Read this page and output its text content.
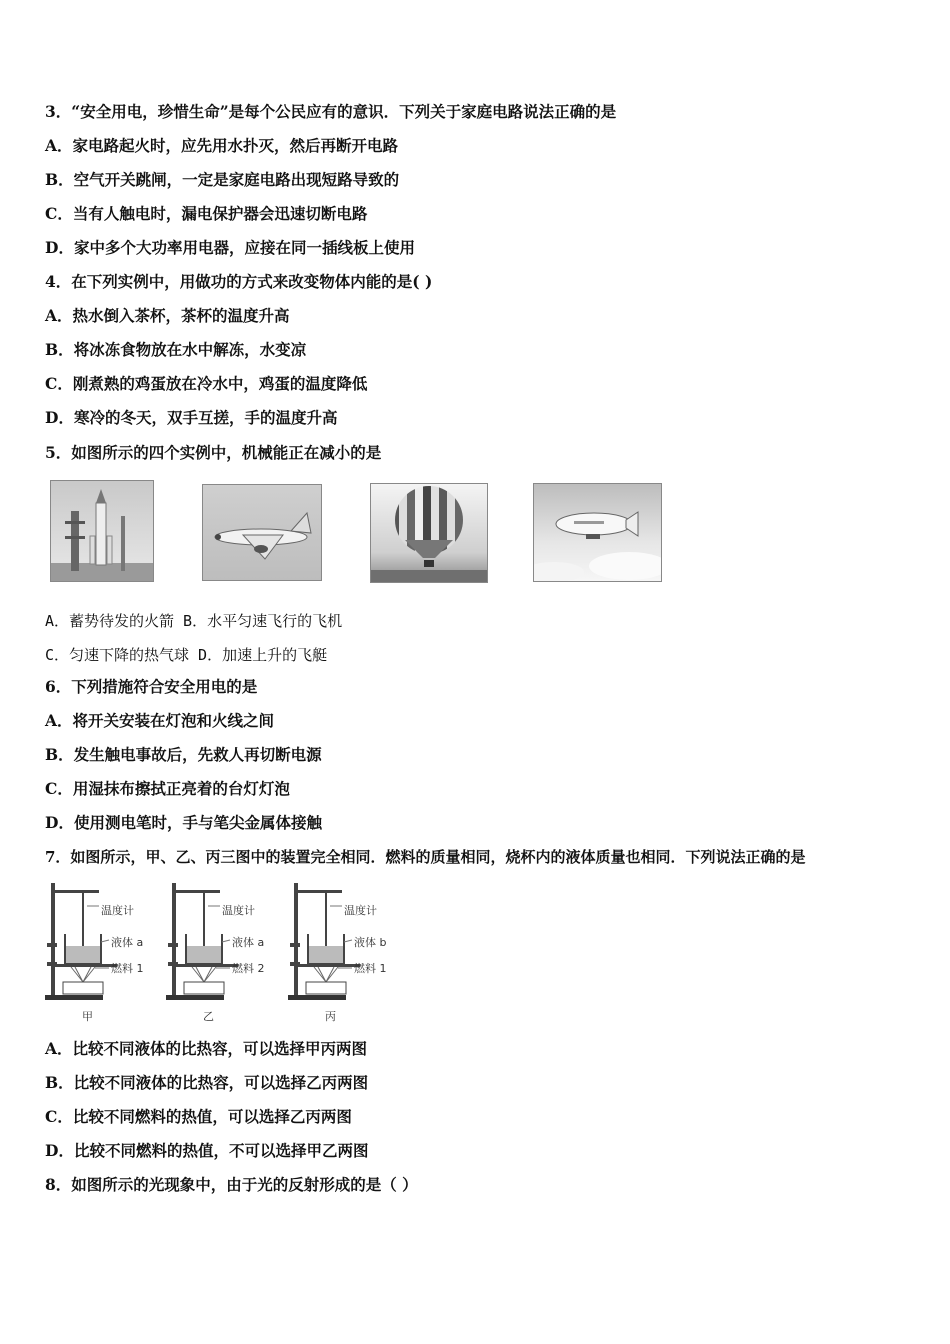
3．“安全用电，珍惜生命”是每个公民应有的意识．下列关于家庭电路说法正确的是
A．家电路起火时，应先用水扑灭，然后再断开电路
B．空气开关跳闸，一定是家庭电路出现短路导致的
C．当有人触电时，漏电保护器会迅速切断电路
D．家中多个大功率用电器，应接在同一插线板上使用
4．在下列实例中，用做功的方式来改变物体内能的是( )
A．热水倒入茶杯，茶杯的温度升高
B．将冰冻食物放在水中解冻，水变凉
C．刚煮熟的鸡蛋放在冷水中，鸡蛋的温度降低
D．寒冷的冬天，双手互搓，手的温度升高
5．如图所示的四个实例中，机械能正在减小的是
A．蓄势待发的火箭 B．水平匀速飞行的飞机
C．匀速下降的热气球 D．加速上升的飞艇
6．下列措施符合安全用电的是
A．将开关安装在灯泡和火线之间
B．发生触电事故后，先救人再切断电源
C．用湿抹布擦拭正亮着的台灯灯泡
D．使用测电笔时，手与笔尖金属体接触
7．如图所示，甲、乙、丙三图中的装置完全相同．燃料的质量相同，烧杯内的液体质量也相同．下列说法正确的是
温度计
液体 a
燃料 1
甲
温度计
液体 a
燃料 2
乙
温度计
液体 b
燃料 1
丙
A．比较不同液体的比热容，可以选择甲丙两图
B．比较不同液体的比热容，可以选择乙丙两图
C．比较不同燃料的热值，可以选择乙丙两图
D．比较不同燃料的热值，不可以选择甲乙两图
8．如图所示的光现象中，由于光的反射形成的是（ ）
